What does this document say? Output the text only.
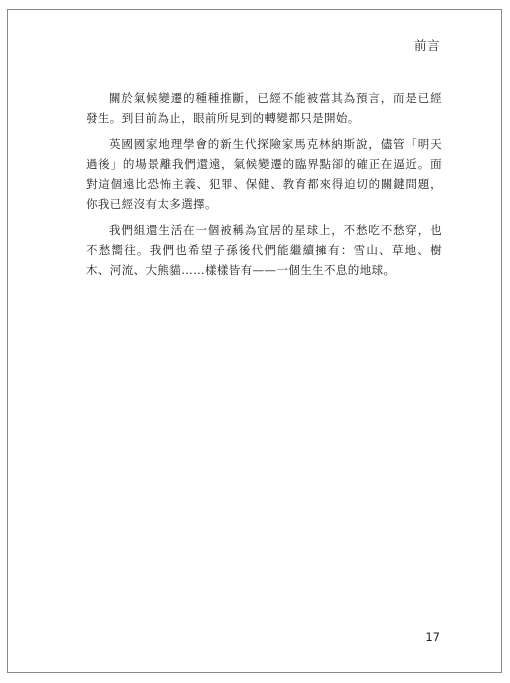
前言

關於氣候變遷的種種推斷，已經不能被當其為預言，而是已經發生。到目前為止，眼前所見到的轉變都只是開始。

英國國家地理學會的新生代探險家馬克林納斯說，儘管「明天過後」的場景離我們還遠，氣候變遷的臨界點卻的確正在逼近。面對這個遠比恐怖主義、犯罪、保健、教育都來得迫切的關鍵問題，你我已經沒有太多選擇。

我們組還生活在一個被稱為宜居的星球上，不愁吃不愁穿，也不愁嚮往。我們也希望子孫後代們能繼續擁有：雪山、草地、樹木、河流、大熊貓……樣樣皆有——一個生生不息的地球。

17
